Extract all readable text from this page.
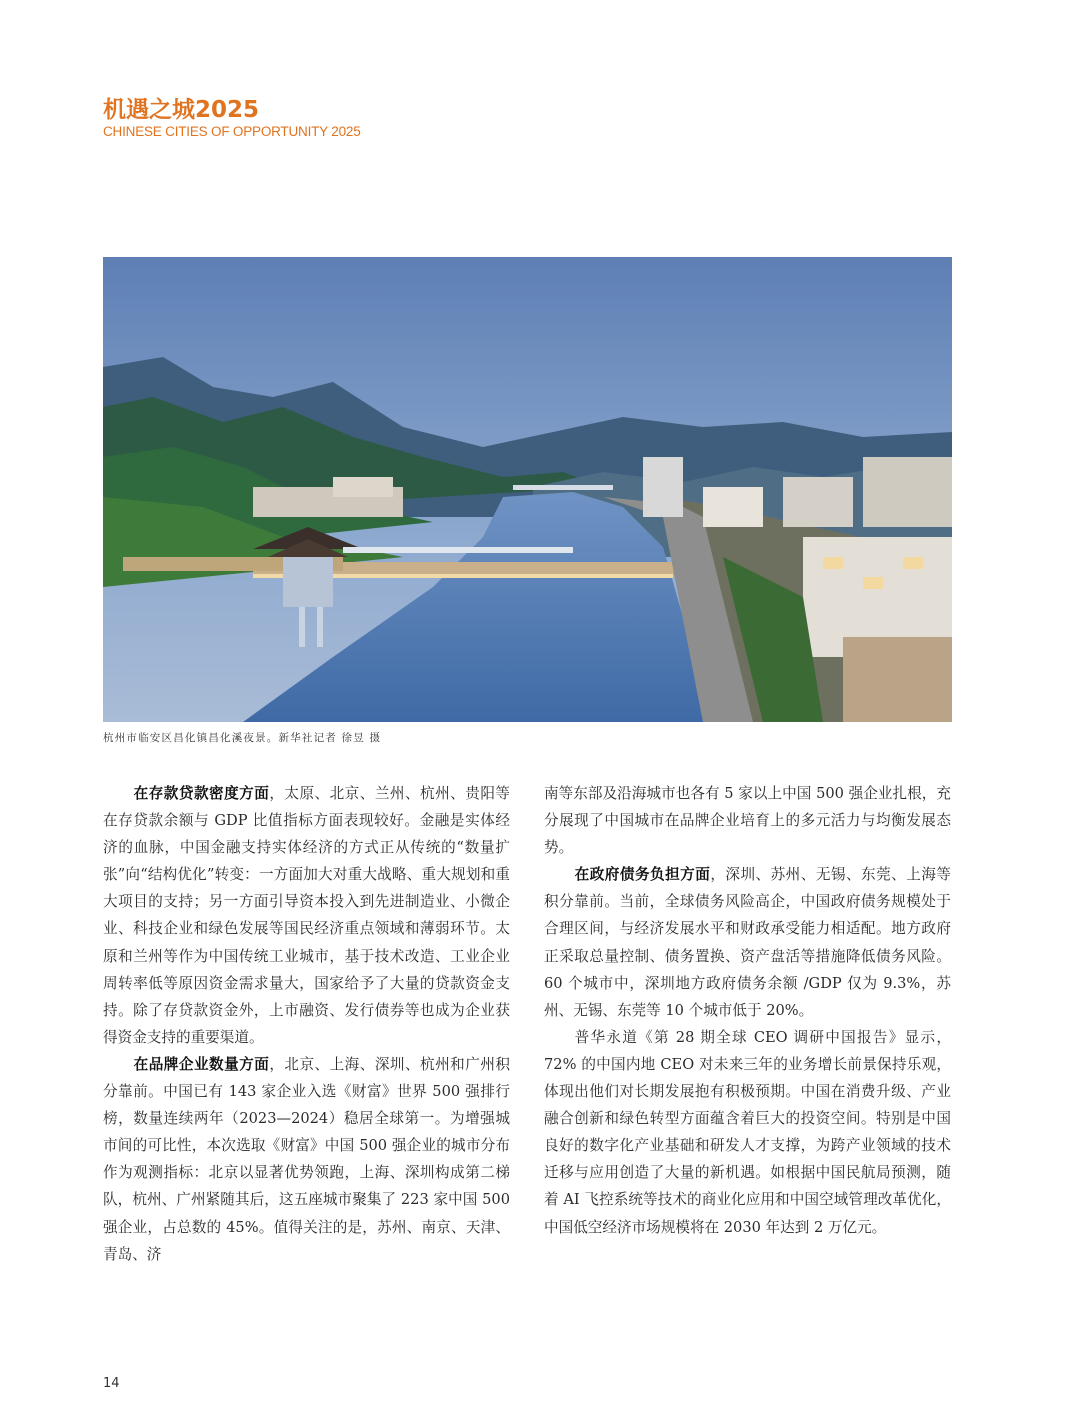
机遇之城2025
CHINESE CITIES OF OPPORTUNITY 2025
杭州市临安区昌化镇昌化溪夜景。新华社记者 徐昱 摄

在存款贷款密度方面，太原、北京、兰州、杭州、贵阳等在存贷款余额与 GDP 比值指标方面表现较好。金融是实体经济的血脉，中国金融支持实体经济的方式正从传统的“数量扩张”向“结构优化”转变：一方面加大对重大战略、重大规划和重大项目的支持；另一方面引导资本投入到先进制造业、小微企业、科技企业和绿色发展等国民经济重点领域和薄弱环节。太原和兰州等作为中国传统工业城市，基于技术改造、工业企业周转率低等原因资金需求量大，国家给予了大量的贷款资金支持。除了存贷款资金外，上市融资、发行债券等也成为企业获得资金支持的重要渠道。

在品牌企业数量方面，北京、上海、深圳、杭州和广州积分靠前。中国已有 143 家企业入选《财富》世界 500 强排行榜，数量连续两年（2023—2024）稳居全球第一。为增强城市间的可比性，本次选取《财富》中国 500 强企业的城市分布作为观测指标：北京以显著优势领跑，上海、深圳构成第二梯队，杭州、广州紧随其后，这五座城市聚集了 223 家中国 500 强企业，占总数的 45%。值得关注的是，苏州、南京、天津、青岛、济

南等东部及沿海城市也各有 5 家以上中国 500 强企业扎根，充分展现了中国城市在品牌企业培育上的多元活力与均衡发展态势。

在政府债务负担方面，深圳、苏州、无锡、东莞、上海等积分靠前。当前，全球债务风险高企，中国政府债务规模处于合理区间，与经济发展水平和财政承受能力相适配。地方政府正采取总量控制、债务置换、资产盘活等措施降低债务风险。60 个城市中，深圳地方政府债务余额 /GDP 仅为 9.3%，苏州、无锡、东莞等 10 个城市低于 20%。

普华永道《第 28 期全球 CEO 调研中国报告》显示，72% 的中国内地 CEO 对未来三年的业务增长前景保持乐观，体现出他们对长期发展抱有积极预期。中国在消费升级、产业融合创新和绿色转型方面蕴含着巨大的投资空间。特别是中国良好的数字化产业基础和研发人才支撑，为跨产业领域的技术迁移与应用创造了大量的新机遇。如根据中国民航局预测，随着 AI 飞控系统等技术的商业化应用和中国空域管理改革优化，中国低空经济市场规模将在 2030 年达到 2 万亿元。

14
